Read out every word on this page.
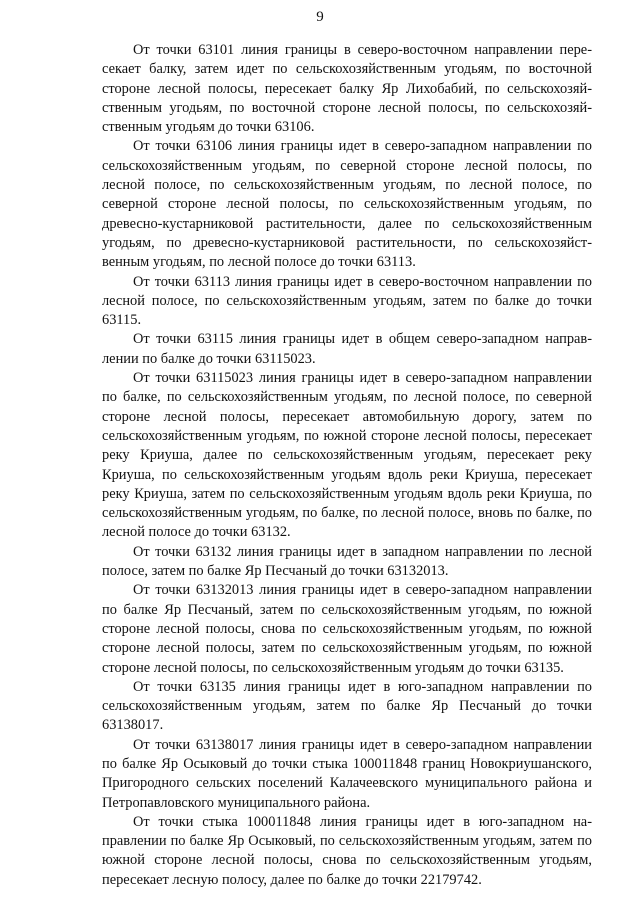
9

От точки 63101 линия границы в северо-восточном направлении пересекает балку, затем идет по сельскохозяйственным угодьям, по восточной стороне лесной полосы, пересекает балку Яр Лихобабий, по сельскохозяйственным угодьям, по восточной стороне лесной полосы, по сельскохозяйственным угодьям до точки 63106.

От точки 63106 линия границы идет в северо-западном направлении по сельскохозяйственным угодьям, по северной стороне лесной полосы, по лесной полосе, по сельскохозяйственным угодьям, по лесной полосе, по северной стороне лесной полосы, по сельскохозяйственным угодьям, по древесно-кустарниковой растительности, далее по сельскохозяйственным угодьям, по древесно-кустарниковой растительности, по сельскохозяйственным угодьям, по лесной полосе до точки 63113.

От точки 63113 линия границы идет в северо-восточном направлении по лесной полосе, по сельскохозяйственным угодьям, затем по балке до точки 63115.

От точки 63115 линия границы идет в общем северо-западном направлении по балке до точки 63115023.

От точки 63115023 линия границы идет в северо-западном направлении по балке, по сельскохозяйственным угодьям, по лесной полосе, по северной стороне лесной полосы, пересекает автомобильную дорогу, затем по сельскохозяйственным угодьям, по южной стороне лесной полосы, пересекает реку Криуша, далее по сельскохозяйственным угодьям, пересекает реку Криуша, по сельскохозяйственным угодьям вдоль реки Криуша, пересекает реку Криуша, затем по сельскохозяйственным угодьям вдоль реки Криуша, по сельскохозяйственным угодьям, по балке, по лесной полосе, вновь по балке, по лесной полосе до точки 63132.

От точки 63132 линия границы идет в западном направлении по лесной полосе, затем по балке Яр Песчаный до точки 63132013.

От точки 63132013 линия границы идет в северо-западном направлении по балке Яр Песчаный, затем по сельскохозяйственным угодьям, по южной стороне лесной полосы, снова по сельскохозяйственным угодьям, по южной стороне лесной полосы, затем по сельскохозяйственным угодьям, по южной стороне лесной полосы, по сельскохозяйственным угодьям до точки 63135.

От точки 63135 линия границы идет в юго-западном направлении по сельскохозяйственным угодьям, затем по балке Яр Песчаный до точки 63138017.

От точки 63138017 линия границы идет в северо-западном направлении по балке Яр Осыковый до точки стыка 100011848 границ Новокриушанского, Пригородного сельских поселений Калачеевского муниципального района и Петропавловского муниципального района.

От точки стыка 100011848 линия границы идет в юго-западном направлении по балке Яр Осыковый, по сельскохозяйственным угодьям, затем по южной стороне лесной полосы, снова по сельскохозяйственным угодьям, пересекает лесную полосу, далее по балке до точки 22179742.
